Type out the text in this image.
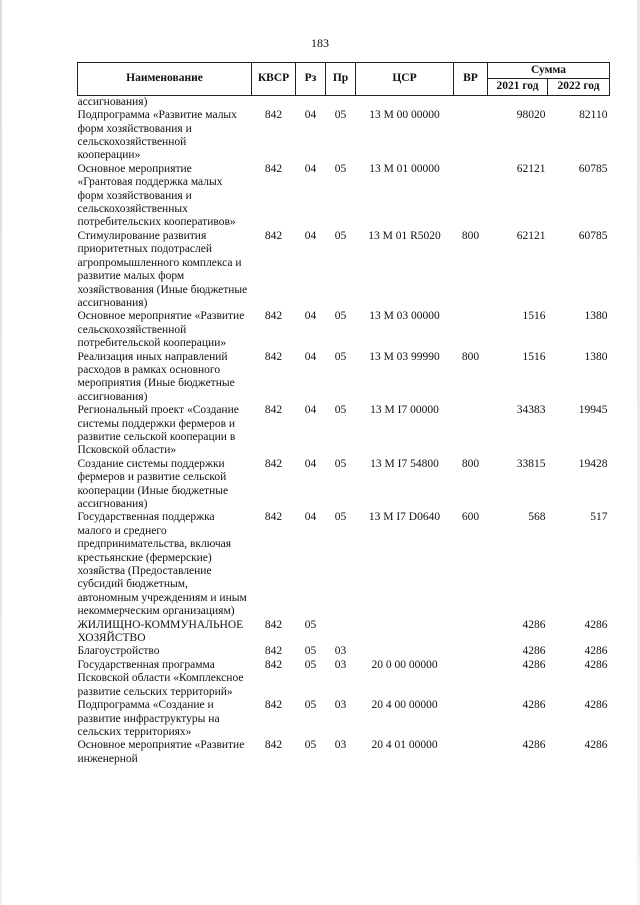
183
Наименование	КВСР	Рз	Пр	ЦСР	ВР	Сумма	
						2021 год	2022 год
ассигнования)							
Подпрограмма «Развитие малых форм хозяйствования и сельскохозяйственной кооперации»	842	04	05	13 М 00 00000		98020	82110
Основное мероприятие «Грантовая поддержка малых форм хозяйствования и сельскохозяйственных потребительских кооперативов»	842	04	05	13 М 01 00000		62121	60785
Стимулирование развития приоритетных подотраслей агропромышленного комплекса и развитие малых форм хозяйствования (Иные бюджетные ассигнования)	842	04	05	13 М 01 R5020	800	62121	60785
Основное мероприятие «Развитие сельскохозяйственной потребительской кооперации»	842	04	05	13 М 03 00000		1516	1380
Реализация иных направлений расходов в рамках основного мероприятия (Иные бюджетные ассигнования)	842	04	05	13 М 03 99990	800	1516	1380
Региональный проект «Создание системы поддержки фермеров и развитие сельской кооперации в Псковской области»	842	04	05	13 М I7 00000		34383	19945
Создание системы поддержки фермеров и развитие сельской кооперации (Иные бюджетные ассигнования)	842	04	05	13 М I7 54800	800	33815	19428
Государственная поддержка малого и среднего предпринимательства, включая крестьянские (фермерские) хозяйства (Предоставление субсидий бюджетным, автономным учреждениям и иным некоммерческим организациям)	842	04	05	13 М I7 D0640	600	568	517
ЖИЛИЩНО-КОММУНАЛЬНОЕ ХОЗЯЙСТВО	842	05				4286	4286
Благоустройство	842	05	03			4286	4286
Государственная программа Псковской области «Комплексное развитие сельских территорий»	842	05	03	20 0 00 00000		4286	4286
Подпрограмма «Создание и развитие инфраструктуры на сельских территориях»	842	05	03	20 4 00 00000		4286	4286
Основное мероприятие «Развитие инженерной	842	05	03	20 4 01 00000		4286	4286
